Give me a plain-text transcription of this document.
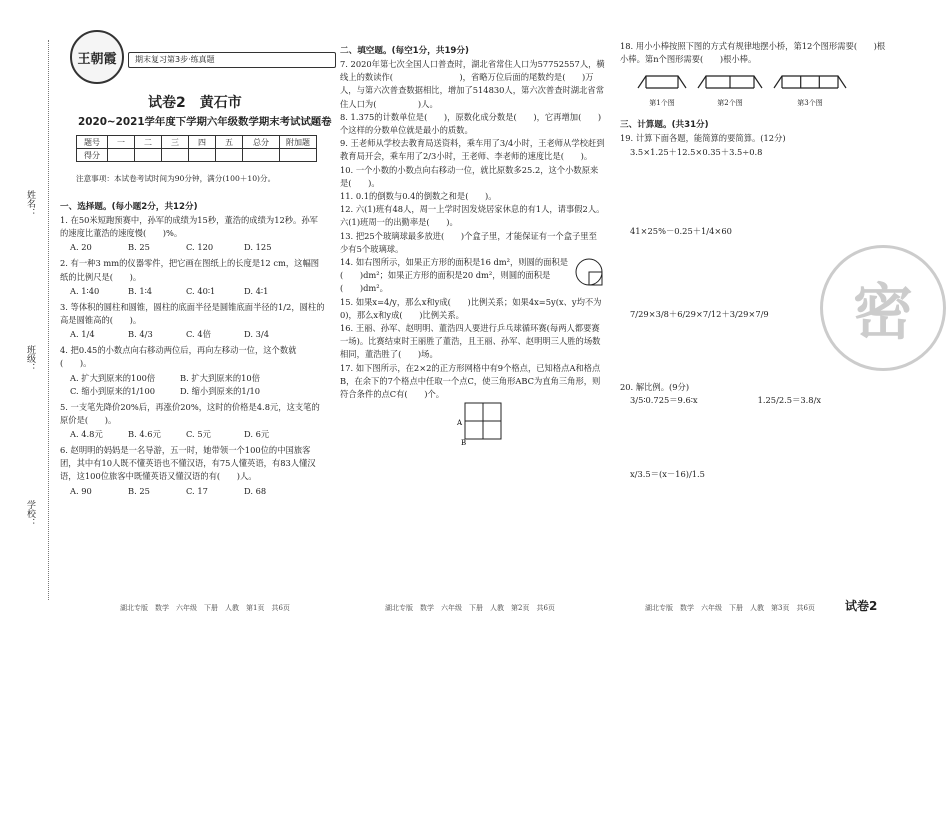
姓名：
班级：
学校：
王朝霞	期末复习第3步·练真题
试卷2　黄石市
2020~2021学年度下学期六年级数学期末考试试题卷
题号	一	二	三	四	五	总分	附加题
得分							
注意事项：本试卷考试时间为90分钟，满分(100＋10)分。
一、选择题。(每小题2分，共12分)

1. 在50米短跑预赛中，孙军的成绩为15秒，董浩的成绩为12秒。孙军的速度比董浩的速度慢(　　)%。

A. 20	B. 25	C. 120	D. 125

2. 有一种3 mm的仪器零件，把它画在图纸上的长度是12 cm，这幅图纸的比例尺是(　　)。

A. 1∶40	B. 1∶4	C. 40∶1	D. 4∶1

3. 等体积的圆柱和圆锥，圆柱的底面半径是圆锥底面半径的1/2，圆柱的高是圆锥高的(　　)。

A. 1/4	B. 4/3	C. 4倍	D. 3/4

4. 把0.45的小数点向右移动两位后，再向左移动一位，这个数就(　　)。

A. 扩大到原来的100倍	B. 扩大到原来的10倍
C. 缩小到原来的1/100	D. 缩小到原来的1/10

5. 一支笔先降价20%后，再涨价20%，这时的价格是4.8元，这支笔的原价是(　　)。

A. 4.8元	B. 4.6元	C. 5元	D. 6元

6. 赵明明的妈妈是一名导游，五一时，她带领一个100位的中国旅客团，其中有10人既不懂英语也不懂汉语，有75人懂英语，有83人懂汉语，这100位旅客中既懂英语又懂汉语的有(　　)人。

A. 90	B. 25	C. 17	D. 68
湖北专版　数学　六年级　下册　人教　第1页　共6页
二、填空题。(每空1分，共19分)

7. 2020年第七次全国人口普查时，湖北省常住人口为57752557人，横线上的数读作(　　　　　　　　)，省略万位后面的尾数约是(　　)万人，与第六次普查数据相比，增加了514830人，第六次普查时湖北省常住人口为(　　　　　)人。

8. 1.375的计数单位是(　　)，原数化成分数是(　　)，它再增加(　　)个这样的分数单位就是最小的质数。

9. 王老师从学校去教育局送资料，乘车用了3/4小时，王老师从学校赶到教育局开会，乘车用了2/3小时，王老师、李老师的速度比是(　　)。

10. 一个小数的小数点向右移动一位，就比原数多25.2，这个小数原来是(　　)。

11. 0.1的倒数与0.4的倒数之和是(　　)。

12. 六(1)班有48人，周一上学时因发烧居家休息的有1人，请事假2人。六(1)班周一的出勤率是(　　)。

13. 把25个玻璃球最多放进(　　)个盒子里，才能保证有一个盒子里至少有5个玻璃球。

14. 如右图所示，如果正方形的面积是16 dm²，则圆的面积是(　　)dm²；如果正方形的面积是20 dm²，则圆的面积是(　　)dm²。

15. 如果x=4/y，那么x和y成(　　)比例关系；如果4x=5y(x、y均不为0)，那么x和y成(　　)比例关系。

16. 王丽、孙军、赵明明、董浩四人要进行乒乓球循环赛(每两人都要赛一场)。比赛结束时王丽胜了董浩，且王丽、孙军、赵明明三人胜的场数相同，董浩胜了(　　)场。

17. 如下图所示，在2×2的正方形网格中有9个格点，已知格点A和格点B，在余下的7个格点中任取一个点C，使三角形ABC为直角三角形，则符合条件的点C有(　　)个。

A
B
湖北专版　数学　六年级　下册　人教　第2页　共6页

18. 用小小棒按照下图的方式有规律地摆小桥，第12个图形需要(　　)根小棒。第n个图形需要(　　)根小棒。

第1个图	第2个图	第3个图
三、计算题。(共31分)

19. 计算下面各题，能简算的要简算。(12分)

3.5×1.25＋12.5×0.35＋3.5÷0.8

41×25%－0.25＋1/4×60

7/29×3/8＋6/29×7/12＋3/29×7/9

20. 解比例。(9分)

3/5∶0.725＝9.6∶x	1.25/2.5＝3.8/x

x/3.5＝(x－16)/1.5

密
湖北专版　数学　六年级　下册　人教　第3页　共6页	试卷2
